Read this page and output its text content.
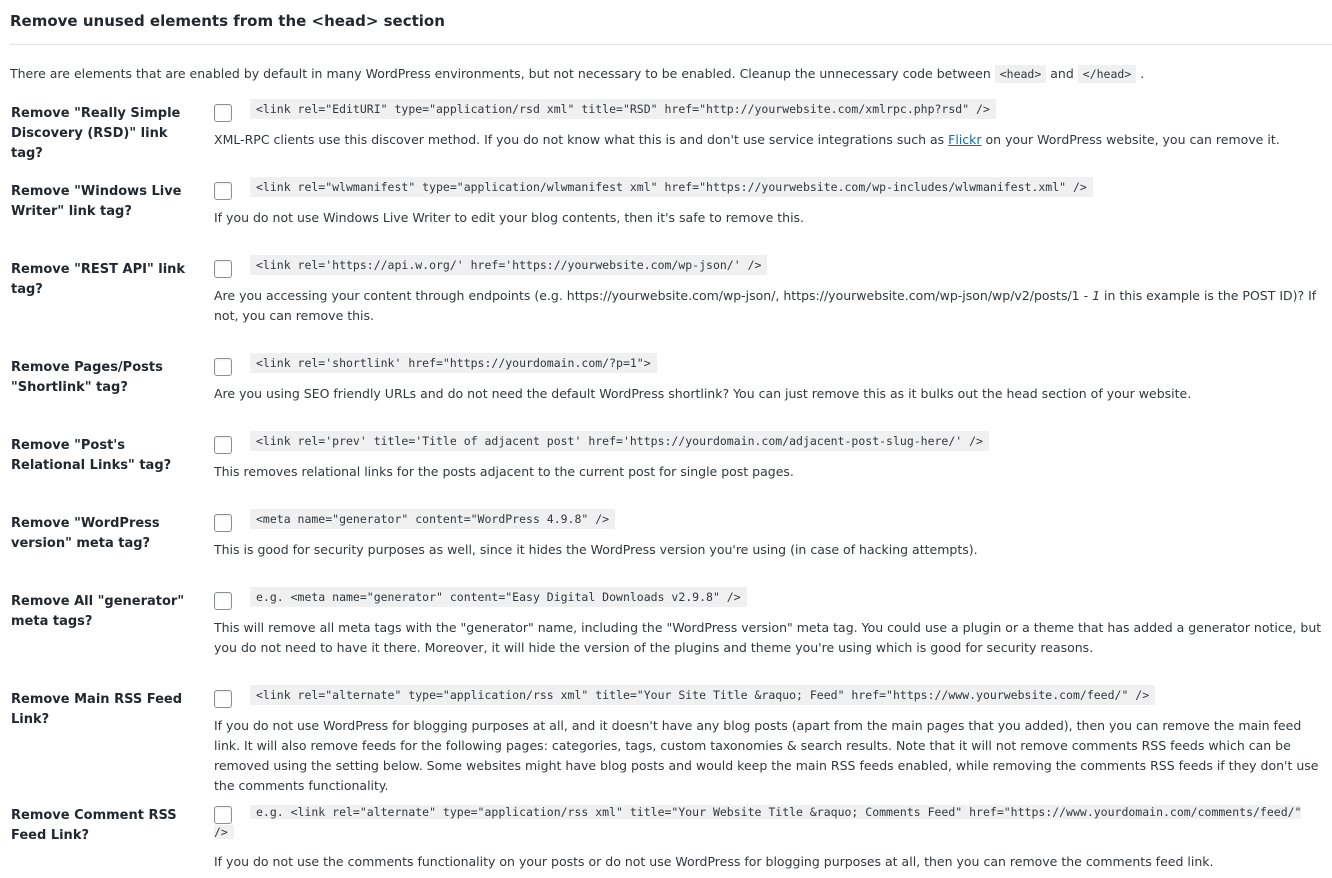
Remove unused elements from the <head> section
There are elements that are enabled by default in many WordPress environments, but not necessary to be enabled. Cleanup the unnecessary code between <head> and </head> .
Remove "Really Simple Discovery (RSD)" link tag?
<link rel="EditURI" type="application/rsd xml" title="RSD" href="http://yourwebsite.com/xmlrpc.php?rsd" />
XML-RPC clients use this discover method. If you do not know what this is and don't use service integrations such as Flickr on your WordPress website, you can remove it.
Remove "Windows Live Writer" link tag?
<link rel="wlwmanifest" type="application/wlwmanifest xml" href="https://yourwebsite.com/wp-includes/wlwmanifest.xml" />
If you do not use Windows Live Writer to edit your blog contents, then it's safe to remove this.
Remove "REST API" link tag?
<link rel='https://api.w.org/' href='https://yourwebsite.com/wp-json/' />
Are you accessing your content through endpoints (e.g. https://yourwebsite.com/wp-json/, https://yourwebsite.com/wp-json/wp/v2/posts/1 - 1 in this example is the POST ID)? If not, you can remove this.
Remove Pages/Posts "Shortlink" tag?
<link rel='shortlink' href="https://yourdomain.com/?p=1">
Are you using SEO friendly URLs and do not need the default WordPress shortlink? You can just remove this as it bulks out the head section of your website.
Remove "Post's Relational Links" tag?
<link rel='prev' title='Title of adjacent post' href='https://yourdomain.com/adjacent-post-slug-here/' />
This removes relational links for the posts adjacent to the current post for single post pages.
Remove "WordPress version" meta tag?
<meta name="generator" content="WordPress 4.9.8" />
This is good for security purposes as well, since it hides the WordPress version you're using (in case of hacking attempts).
Remove All "generator" meta tags?
e.g. <meta name="generator" content="Easy Digital Downloads v2.9.8" />
This will remove all meta tags with the "generator" name, including the "WordPress version" meta tag. You could use a plugin or a theme that has added a generator notice, but you do not need to have it there. Moreover, it will hide the version of the plugins and theme you're using which is good for security reasons.
Remove Main RSS Feed Link?
<link rel="alternate" type="application/rss xml" title="Your Site Title &raquo; Feed" href="https://www.yourwebsite.com/feed/" />
If you do not use WordPress for blogging purposes at all, and it doesn't have any blog posts (apart from the main pages that you added), then you can remove the main feed link. It will also remove feeds for the following pages: categories, tags, custom taxonomies & search results. Note that it will not remove comments RSS feeds which can be removed using the setting below. Some websites might have blog posts and would keep the main RSS feeds enabled, while removing the comments RSS feeds if they don't use the comments functionality.
Remove Comment RSS Feed Link?
e.g. <link rel="alternate" type="application/rss xml" title="Your Website Title &raquo; Comments Feed" href="https://www.yourdomain.com/comments/feed/" />
If you do not use the comments functionality on your posts or do not use WordPress for blogging purposes at all, then you can remove the comments feed link.
